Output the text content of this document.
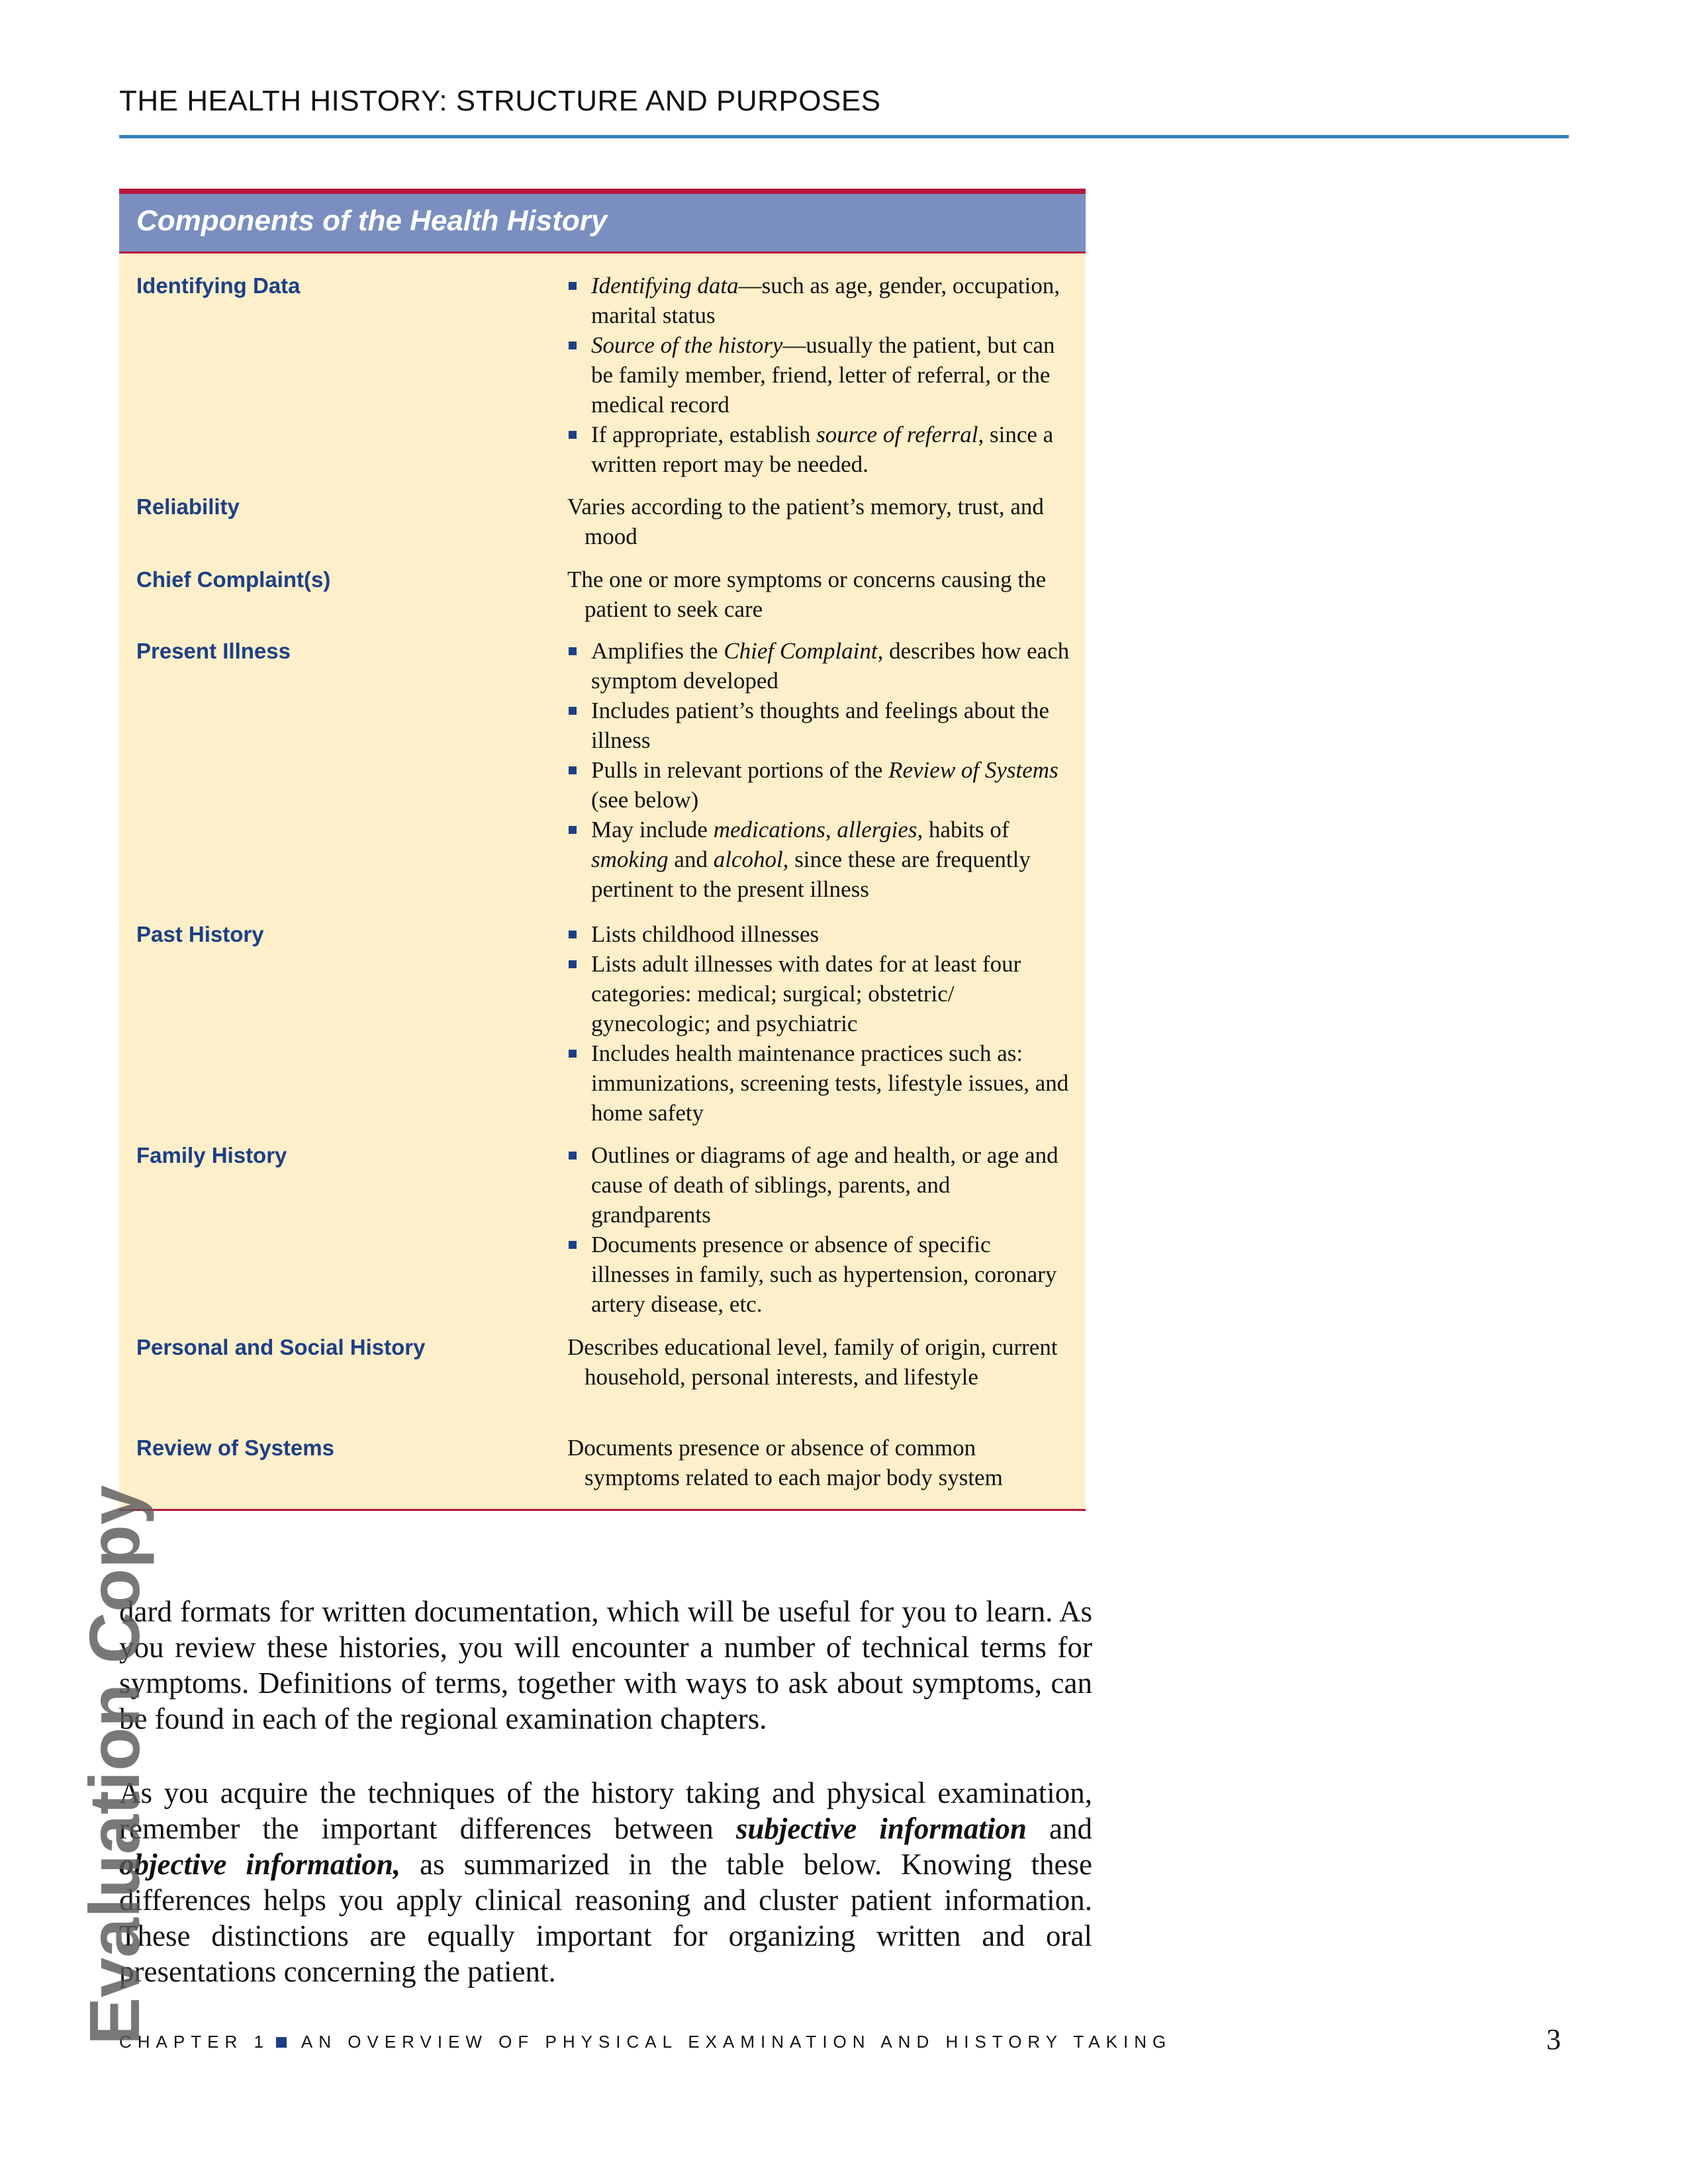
THE HEALTH HISTORY: STRUCTURE AND PURPOSES
Components of the Health History
Identifying Data	Identifying data—such as age, gender, occupation, marital status
Source of the history—usually the patient, but can be family member, friend, letter of referral, or the medical record
If appropriate, establish source of referral, since a written report may be needed.
Reliability	Varies according to the patient’s memory, trust, and mood
Chief Complaint(s)	The one or more symptoms or concerns causing the patient to seek care
Present Illness	Amplifies the Chief Complaint, describes how each symptom developed
Includes patient’s thoughts and feelings about the illness
Pulls in relevant portions of the Review of Systems (see below)
May include medications, allergies, habits of smoking and alcohol, since these are frequently pertinent to the present illness
Past History	Lists childhood illnesses
Lists adult illnesses with dates for at least four categories: medical; surgical; obstetric/ gynecologic; and psychiatric
Includes health maintenance practices such as: immunizations, screening tests, lifestyle issues, and home safety
Family History	Outlines or diagrams of age and health, or age and cause of death of siblings, parents, and grandparents
Documents presence or absence of specific illnesses in family, such as hypertension, coronary artery disease, etc.
Personal and Social History	Describes educational level, family of origin, current household, personal interests, and lifestyle
Review of Systems	Documents presence or absence of common symptoms related to each major body system

dard formats for written documentation, which will be useful for you to learn. As you review these histories, you will encounter a number of technical terms for symptoms. Definitions of terms, together with ways to ask about symptoms, can be found in each of the regional examination chapters.

As you acquire the techniques of the history taking and physical examination, remember the important differences between subjective information and objective information, as summarized in the table below. Knowing these differences helps you apply clinical reasoning and cluster patient information. These distinctions are equally important for organizing written and oral presentations concerning the patient.

CHAPTER 1 AN OVERVIEW OF PHYSICAL EXAMINATION AND HISTORY TAKING	3
Evaluation Copy
